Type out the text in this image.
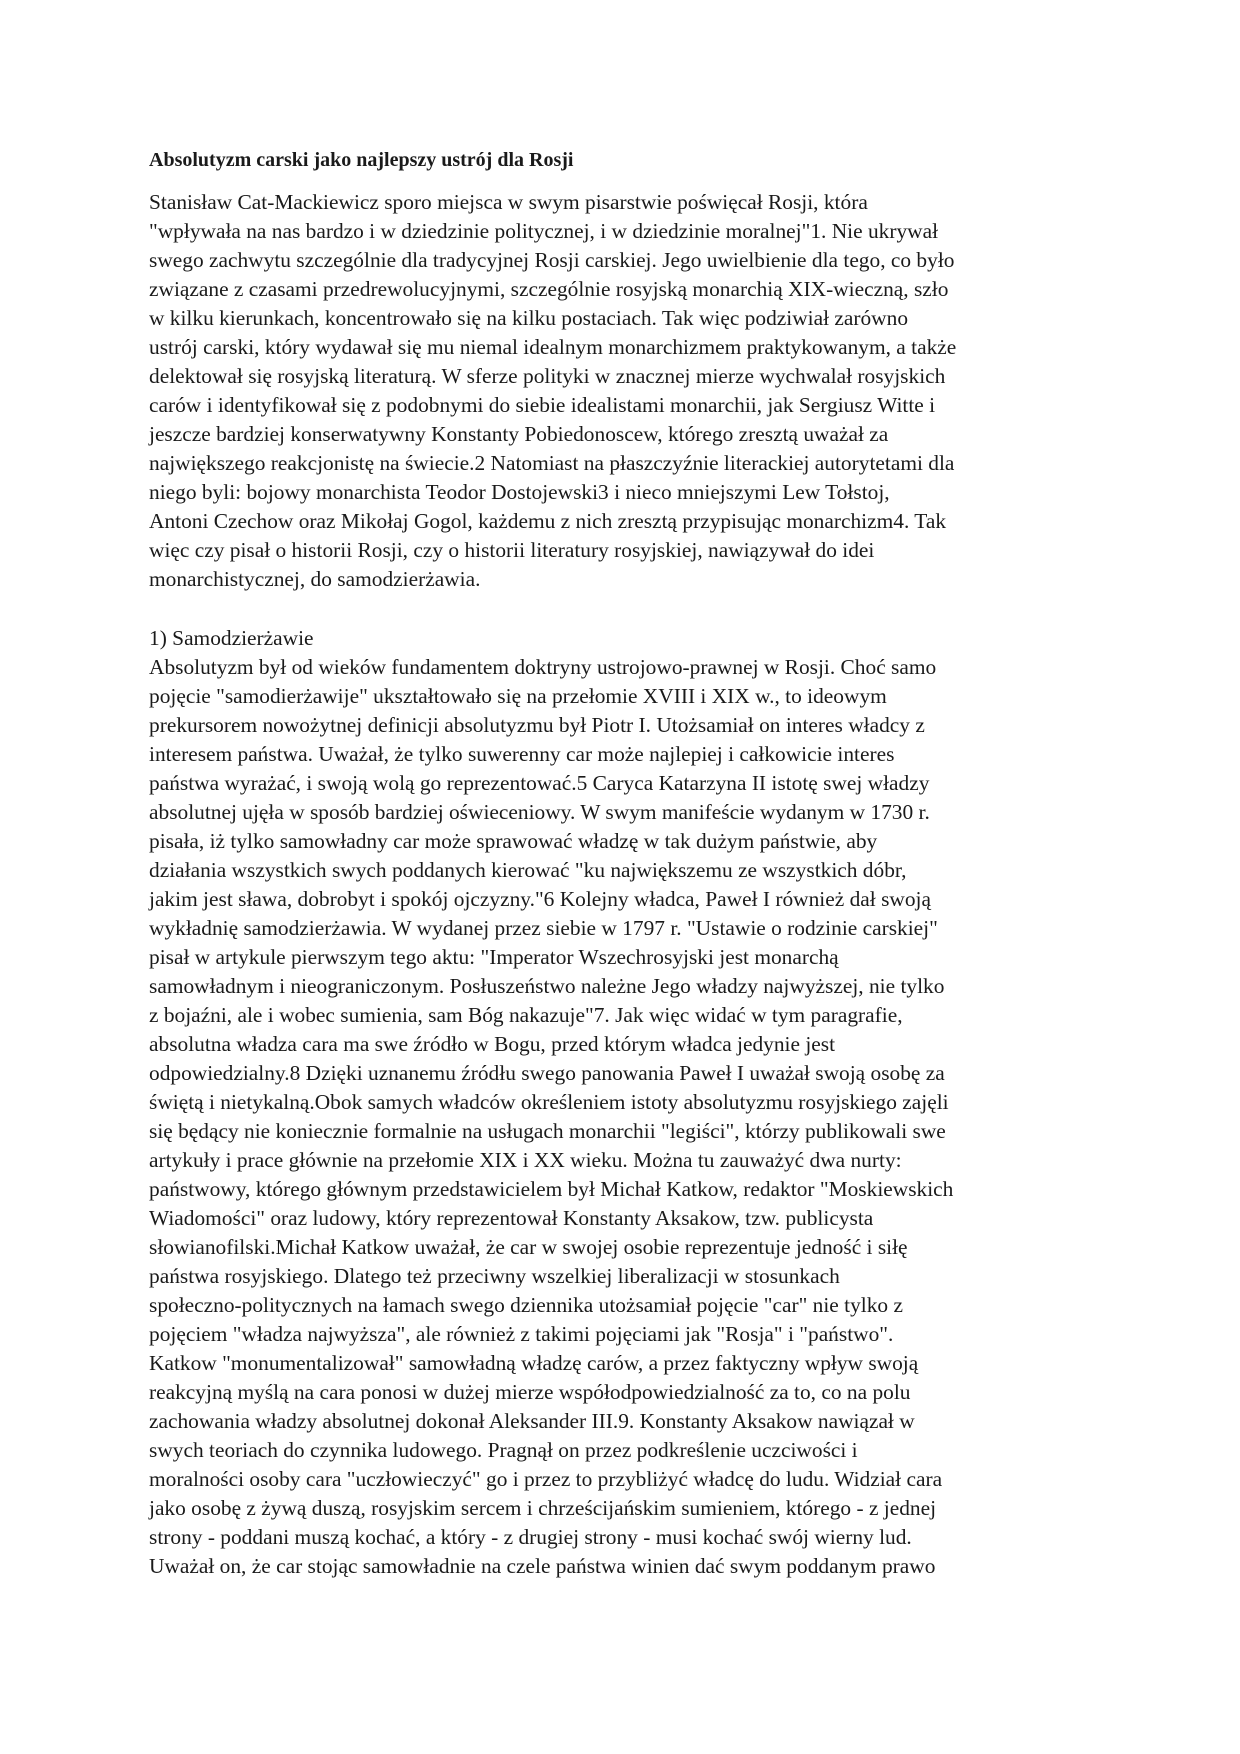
Absolutyzm carski jako najlepszy ustrój dla Rosji
Stanisław Cat-Mackiewicz sporo miejsca w swym pisarstwie poświęcał Rosji, która
"wpływała na nas bardzo i w dziedzinie politycznej, i w dziedzinie moralnej"1. Nie ukrywał
swego zachwytu szczególnie dla tradycyjnej Rosji carskiej. Jego uwielbienie dla tego, co było
związane z czasami przedrewolucyjnymi, szczególnie rosyjską monarchią XIX-wieczną, szło
w kilku kierunkach, koncentrowało się na kilku postaciach. Tak więc podziwiał zarówno
ustrój carski, który wydawał się mu niemal idealnym monarchizmem praktykowanym, a także
delektował się rosyjską literaturą. W sferze polityki w znacznej mierze wychwalał rosyjskich
carów i identyfikował się z podobnymi do siebie idealistami monarchii, jak Sergiusz Witte i
jeszcze bardziej konserwatywny Konstanty Pobiedonoscew, którego zresztą uważał za
największego reakcjonistę na świecie.2 Natomiast na płaszczyźnie literackiej autorytetami dla
niego byli: bojowy monarchista Teodor Dostojewski3 i nieco mniejszymi Lew Tołstoj,
Antoni Czechow oraz Mikołaj Gogol, każdemu z nich zresztą przypisując monarchizm4. Tak
więc czy pisał o historii Rosji, czy o historii literatury rosyjskiej, nawiązywał do idei
monarchistycznej, do samodzierżawia.
1) Samodzierżawie
Absolutyzm był od wieków fundamentem doktryny ustrojowo-prawnej w Rosji. Choć samo
pojęcie "samodierżawije" ukształtowało się na przełomie XVIII i XIX w., to ideowym
prekursorem nowożytnej definicji absolutyzmu był Piotr I. Utożsamiał on interes władcy z
interesem państwa. Uważał, że tylko suwerenny car może najlepiej i całkowicie interes
państwa wyrażać, i swoją wolą go reprezentować.5 Caryca Katarzyna II istotę swej władzy
absolutnej ujęła w sposób bardziej oświeceniowy. W swym manifeście wydanym w 1730 r.
pisała, iż tylko samowładny car może sprawować władzę w tak dużym państwie, aby
działania wszystkich swych poddanych kierować "ku największemu ze wszystkich dóbr,
jakim jest sława, dobrobyt i spokój ojczyzny."6 Kolejny władca, Paweł I również dał swoją
wykładnię samodzierżawia. W wydanej przez siebie w 1797 r. "Ustawie o rodzinie carskiej"
pisał w artykule pierwszym tego aktu: "Imperator Wszechrosyjski jest monarchą
samowładnym i nieograniczonym. Posłuszeństwo należne Jego władzy najwyższej, nie tylko
z bojaźni, ale i wobec sumienia, sam Bóg nakazuje"7. Jak więc widać w tym paragrafie,
absolutna władza cara ma swe źródło w Bogu, przed którym władca jedynie jest
odpowiedzialny.8 Dzięki uznanemu źródłu swego panowania Paweł I uważał swoją osobę za
świętą i nietykalną.Obok samych władców określeniem istoty absolutyzmu rosyjskiego zajęli
się będący nie koniecznie formalnie na usługach monarchii "legiści", którzy publikowali swe
artykuły i prace głównie na przełomie XIX i XX wieku. Można tu zauważyć dwa nurty:
państwowy, którego głównym przedstawicielem był Michał Katkow, redaktor "Moskiewskich
Wiadomości" oraz ludowy, który reprezentował Konstanty Aksakow, tzw. publicysta
słowianofilski.Michał Katkow uważał, że car w swojej osobie reprezentuje jedność i siłę
państwa rosyjskiego. Dlatego też przeciwny wszelkiej liberalizacji w stosunkach
społeczno-politycznych na łamach swego dziennika utożsamiał pojęcie "car" nie tylko z
pojęciem "władza najwyższa", ale również z takimi pojęciami jak "Rosja" i "państwo".
Katkow "monumentalizował" samowładną władzę carów, a przez faktyczny wpływ swoją
reakcyjną myślą na cara ponosi w dużej mierze współodpowiedzialność za to, co na polu
zachowania władzy absolutnej dokonał Aleksander III.9. Konstanty Aksakow nawiązał w
swych teoriach do czynnika ludowego. Pragnął on przez podkreślenie uczciwości i
moralności osoby cara "uczłowieczyć" go i przez to przybliżyć władcę do ludu. Widział cara
jako osobę z żywą duszą, rosyjskim sercem i chrześcijańskim sumieniem, którego - z jednej
strony - poddani muszą kochać, a który - z drugiej strony - musi kochać swój wierny lud.
Uważał on, że car stojąc samowładnie na czele państwa winien dać swym poddanym prawo
